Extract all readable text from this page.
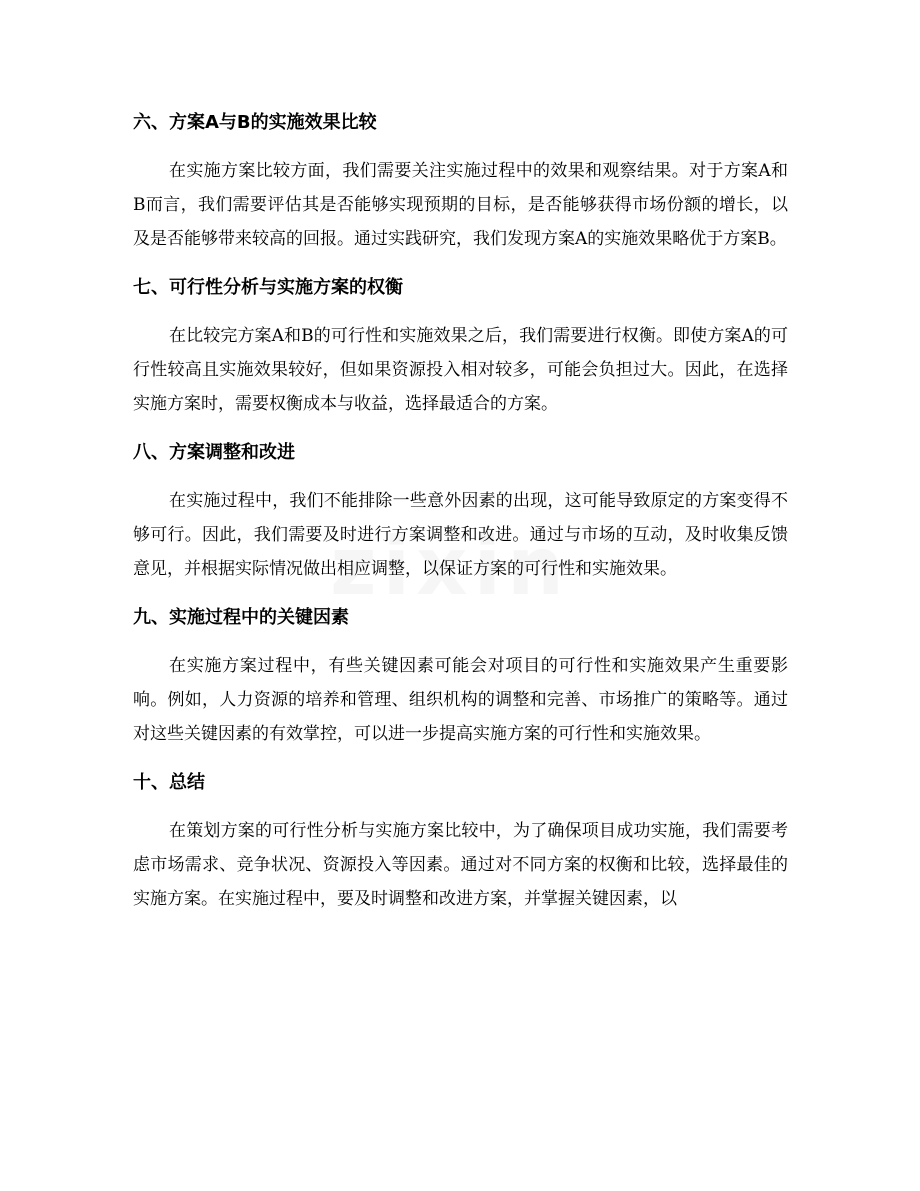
六、方案A与B的实施效果比较

在实施方案比较方面，我们需要关注实施过程中的效果和观察结果。对于方案A和B而言，我们需要评估其是否能够实现预期的目标，是否能够获得市场份额的增长，以及是否能够带来较高的回报。通过实践研究，我们发现方案A的实施效果略优于方案B。

七、可行性分析与实施方案的权衡

在比较完方案A和B的可行性和实施效果之后，我们需要进行权衡。即使方案A的可行性较高且实施效果较好，但如果资源投入相对较多，可能会负担过大。因此，在选择实施方案时，需要权衡成本与收益，选择最适合的方案。

八、方案调整和改进

在实施过程中，我们不能排除一些意外因素的出现，这可能导致原定的方案变得不够可行。因此，我们需要及时进行方案调整和改进。通过与市场的互动，及时收集反馈意见，并根据实际情况做出相应调整，以保证方案的可行性和实施效果。

九、实施过程中的关键因素

在实施方案过程中，有些关键因素可能会对项目的可行性和实施效果产生重要影响。例如，人力资源的培养和管理、组织机构的调整和完善、市场推广的策略等。通过对这些关键因素的有效掌控，可以进一步提高实施方案的可行性和实施效果。

十、总结

在策划方案的可行性分析与实施方案比较中，为了确保项目成功实施，我们需要考虑市场需求、竞争状况、资源投入等因素。通过对不同方案的权衡和比较，选择最佳的实施方案。在实施过程中，要及时调整和改进方案，并掌握关键因素，以
